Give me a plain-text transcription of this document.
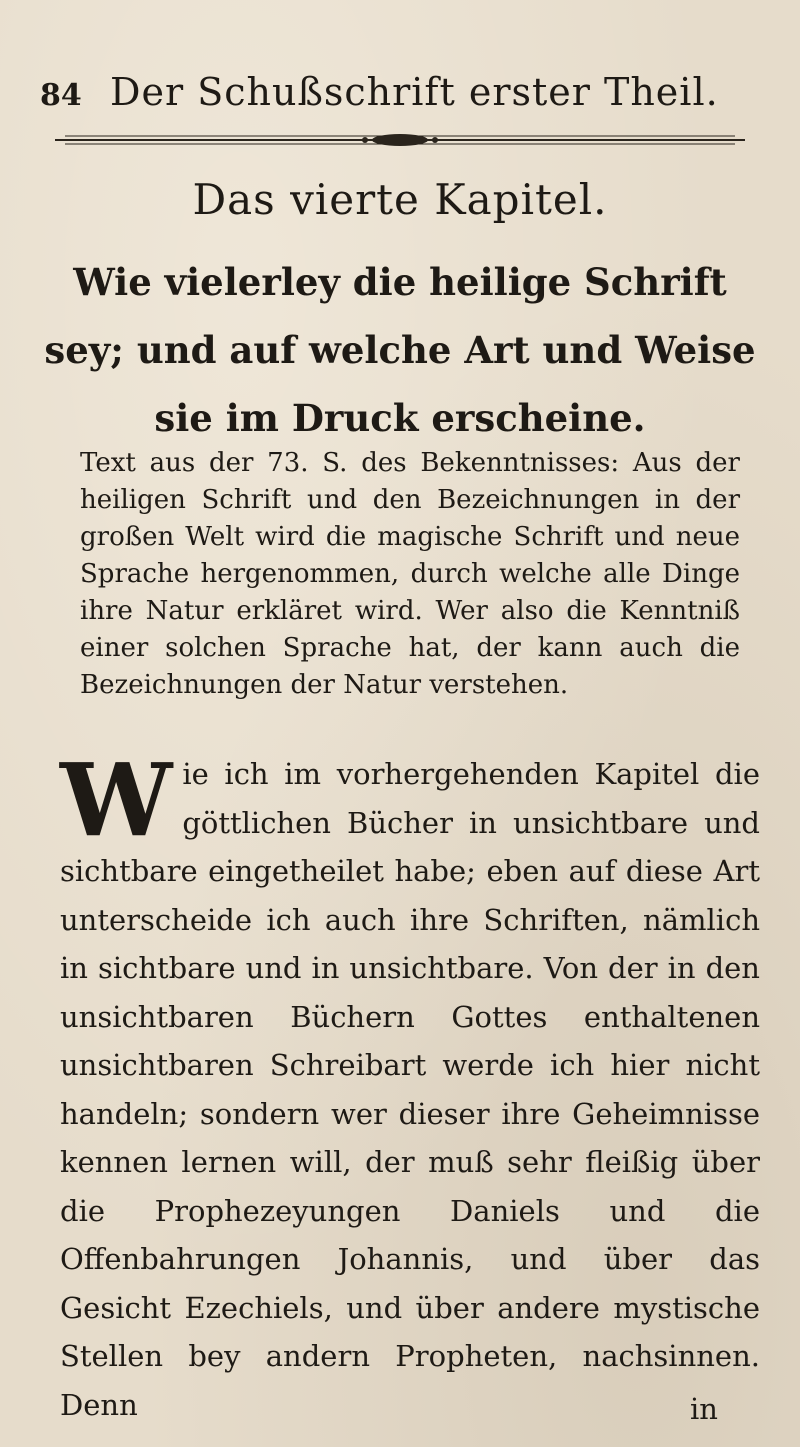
84 Der Schußschrift erster Theil.
Das vierte Kapitel.
Wie vielerley die heilige Schrift sey; und auf welche Art und Weise sie im Druck erscheine.
Text aus der 73. S. des Bekenntnisses: Aus der heiligen Schrift und den Bezeichnungen in der großen Welt wird die magische Schrift und neue Sprache hergenommen, durch welche alle Dinge ihre Natur erkläret wird. Wer also die Kenntniß einer solchen Sprache hat, der kann auch die Bezeichnungen der Natur verstehen.
W ie ich im vorhergehenden Kapitel die göttlichen Bücher in unsichtbare und sichtbare eingetheilet habe; eben auf diese Art unterscheide ich auch ihre Schriften, nämlich in sichtbare und in unsichtbare. Von der in den unsichtbaren Büchern Gottes enthaltenen unsichtbaren Schreibart werde ich hier nicht handeln; sondern wer dieser ihre Geheimnisse kennen lernen will, der muß sehr fleißig über die Prophezeyungen Daniels und die Offenbahrungen Johannis, und über das Gesicht Ezechiels, und über andere mystische Stellen bey andern Propheten, nachsinnen. Denn	in
